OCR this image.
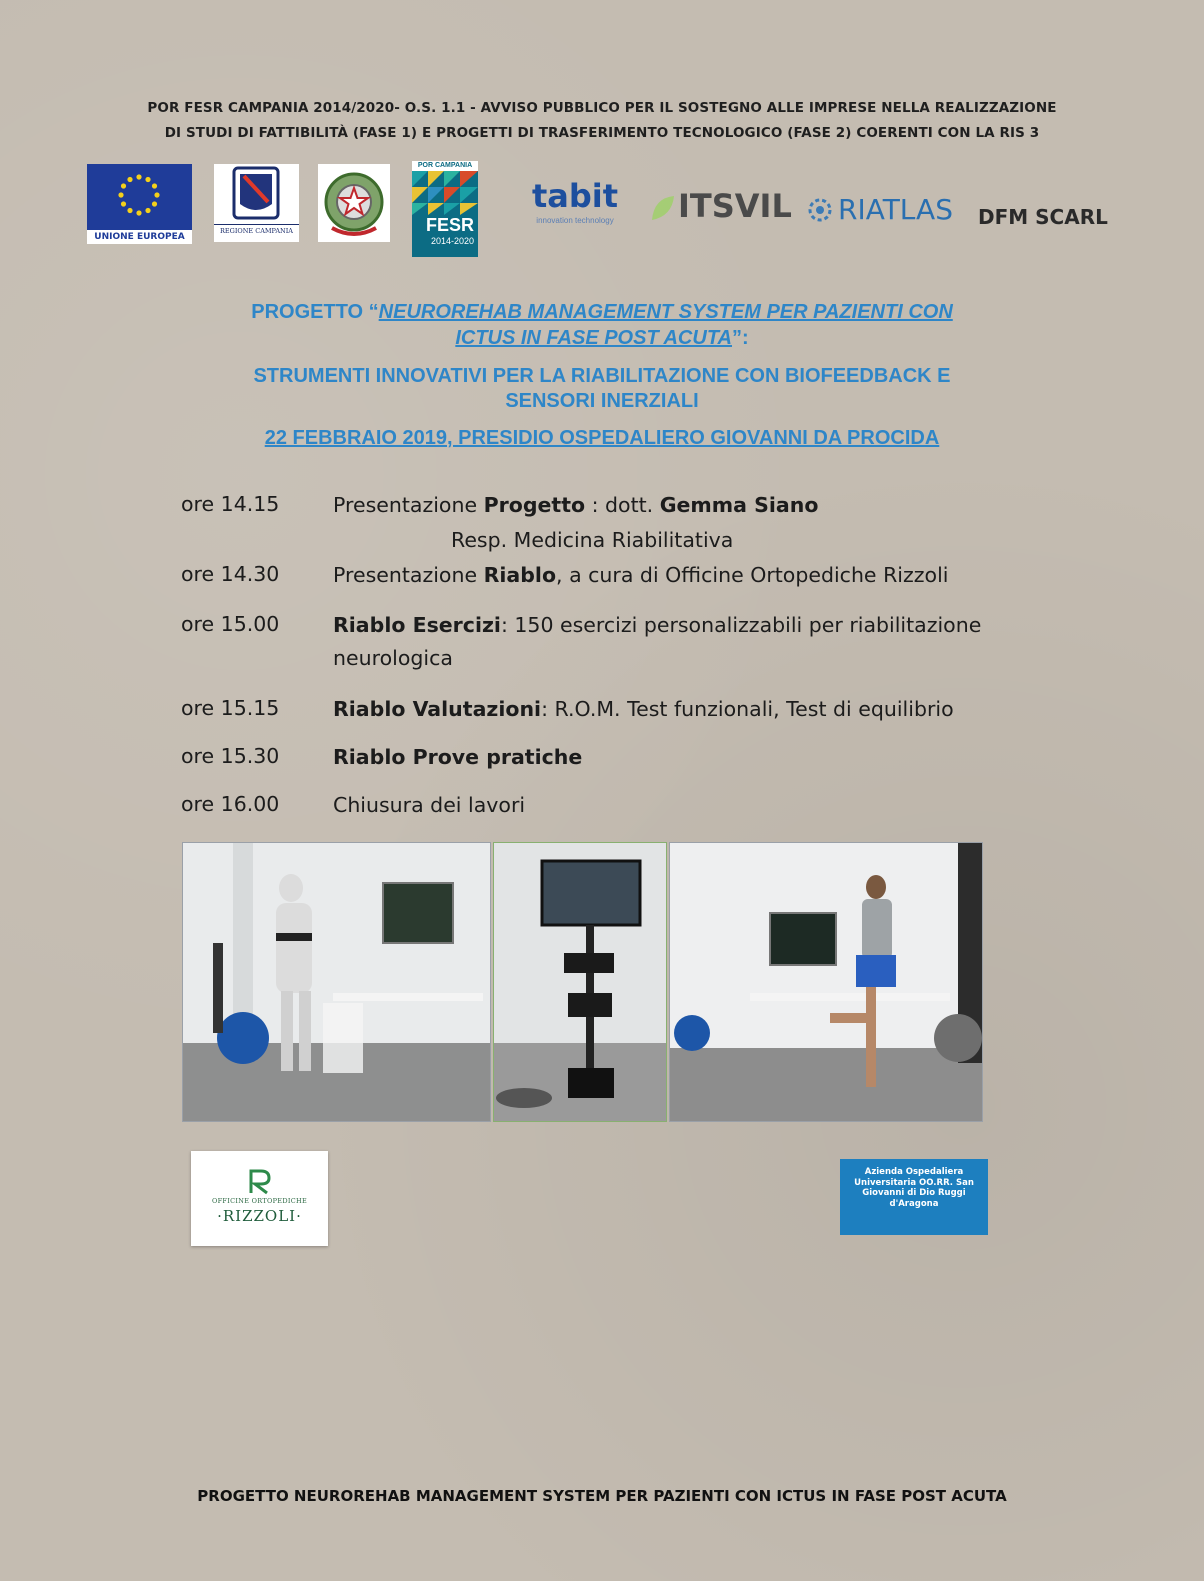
POR FESR CAMPANIA 2014/2020- O.S. 1.1 - AVVISO PUBBLICO PER IL SOSTEGNO ALLE IMPRESE NELLA REALIZZAZIONE
DI STUDI DI FATTIBILITÀ (FASE 1) E PROGETTI DI TRASFERIMENTO TECNOLOGICO (FASE 2) COERENTI CON LA RIS 3
UNIONE EUROPEA
REGIONE CAMPANIA
POR CAMPANIA
FESR
2014-2020
tabit
innovation technology	ITSVIL RIATLAS DFM SCARL
PROGETTO “NEUROREHAB MANAGEMENT SYSTEM PER PAZIENTI CON
ICTUS IN FASE POST ACUTA”:
STRUMENTI INNOVATIVI PER LA RIABILITAZIONE CON BIOFEEDBACK E
SENSORI INERZIALI
22 FEBBRAIO 2019, PRESIDIO OSPEDALIERO GIOVANNI DA PROCIDA
ore 14.15	Presentazione Progetto : dott. Gemma Siano
Resp. Medicina Riabilitativa
ore 14.30	Presentazione Riablo, a cura di Officine Ortopediche Rizzoli
ore 15.00	Riablo Esercizi: 150 esercizi personalizzabili per riabilitazione neurologica
ore 15.15	Riablo Valutazioni: R.O.M. Test funzionali, Test di equilibrio
ore 15.30	Riablo Prove pratiche
ore 16.00	Chiusura dei lavori
OFFICINE ORTOPEDICHE
·RIZZOLI·
Azienda Ospedaliera Universitaria OO.RR. San Giovanni di Dio Ruggi d'Aragona
PROGETTO NEUROREHAB MANAGEMENT SYSTEM PER PAZIENTI CON ICTUS IN FASE POST ACUTA
